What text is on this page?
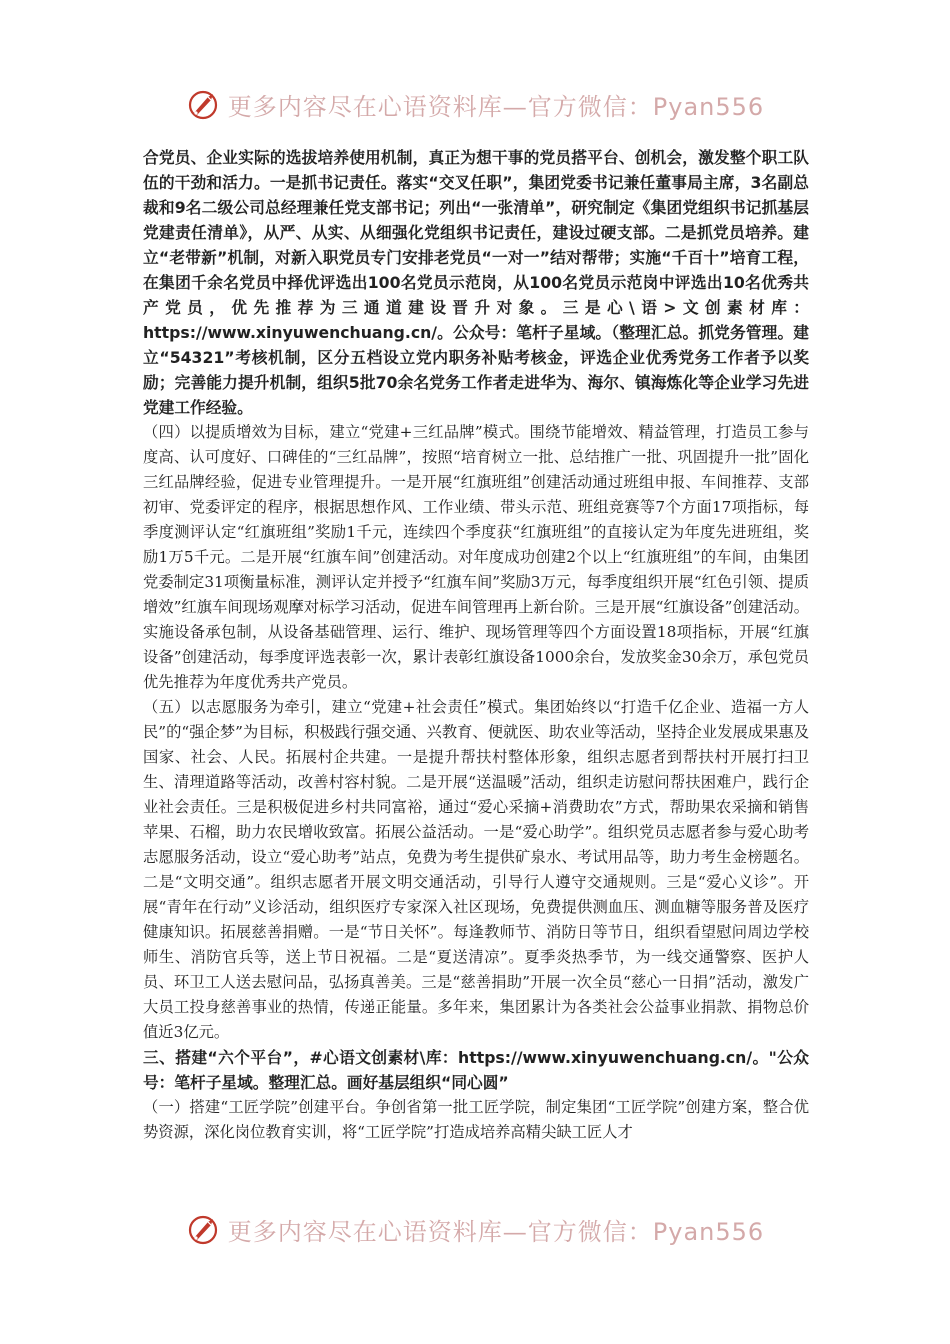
更多内容尽在心语资料库—官方微信：Pyan556

合党员、企业实际的选拔培养使用机制，真正为想干事的党员搭平台、创机会，激发整个职工队伍的干劲和活力。一是抓书记责任。落实“交叉任职”，集团党委书记兼任董事局主席，3名副总裁和9名二级公司总经理兼任党支部书记；列出“一张清单”，研究制定《集团党组织书记抓基层党建责任清单》，从严、从实、从细强化党组织书记责任，建设过硬支部。二是抓党员培养。建立“老带新”机制，对新入职党员专门安排老党员“一对一”结对帮带；实施“千百十”培育工程，在集团千余名党员中择优评选出100名党员示范岗，从100名党员示范岗中评选出10名优秀共产党员，优先推荐为三通道建设晋升对象。三是心\语>文创素材库：https://www.xinyuwenchuang.cn/。公众号：笔杆子星域。（整理汇总。抓党务管理。建立“54321”考核机制，区分五档设立党内职务补贴考核金，评选企业优秀党务工作者予以奖励；完善能力提升机制，组织5批70余名党务工作者走进华为、海尔、镇海炼化等企业学习先进党建工作经验。

（四）以提质增效为目标，建立“党建+三红品牌”模式。围绕节能增效、精益管理，打造员工参与度高、认可度好、口碑佳的“三红品牌”，按照“培育树立一批、总结推广一批、巩固提升一批”固化三红品牌经验，促进专业管理提升。一是开展“红旗班组”创建活动通过班组申报、车间推荐、支部初审、党委评定的程序，根据思想作风、工作业绩、带头示范、班组竞赛等7个方面17项指标，每季度测评认定“红旗班组”奖励1千元，连续四个季度获“红旗班组”的直接认定为年度先进班组，奖励1万5千元。二是开展“红旗车间”创建活动。对年度成功创建2个以上“红旗班组”的车间，由集团党委制定31项衡量标准，测评认定并授予“红旗车间”奖励3万元，每季度组织开展“红色引领、提质增效”红旗车间现场观摩对标学习活动，促进车间管理再上新台阶。三是开展“红旗设备”创建活动。实施设备承包制，从设备基础管理、运行、维护、现场管理等四个方面设置18项指标，开展“红旗设备”创建活动，每季度评选表彰一次，累计表彰红旗设备1000余台，发放奖金30余万，承包党员优先推荐为年度优秀共产党员。

（五）以志愿服务为牵引，建立“党建+社会责任”模式。集团始终以“打造千亿企业、造福一方人民”的“强企梦”为目标，积极践行强交通、兴教育、便就医、助农业等活动，坚持企业发展成果惠及国家、社会、人民。拓展村企共建。一是提升帮扶村整体形象，组织志愿者到帮扶村开展打扫卫生、清理道路等活动，改善村容村貌。二是开展“送温暖”活动，组织走访慰问帮扶困难户，践行企业社会责任。三是积极促进乡村共同富裕，通过“爱心采摘+消费助农”方式，帮助果农采摘和销售苹果、石榴，助力农民增收致富。拓展公益活动。一是“爱心助学”。组织党员志愿者参与爱心助考志愿服务活动，设立“爱心助考”站点，免费为考生提供矿泉水、考试用品等，助力考生金榜题名。二是“文明交通”。组织志愿者开展文明交通活动，引导行人遵守交通规则。三是“爱心义诊”。开展“青年在行动”义诊活动，组织医疗专家深入社区现场，免费提供测血压、测血糖等服务普及医疗健康知识。拓展慈善捐赠。一是“节日关怀”。每逢教师节、消防日等节日，组织看望慰问周边学校师生、消防官兵等，送上节日祝福。二是“夏送清凉”。夏季炎热季节，为一线交通警察、医护人员、环卫工人送去慰问品，弘扬真善美。三是“慈善捐助”开展一次全员“慈心一日捐”活动，激发广大员工投身慈善事业的热情，传递正能量。多年来，集团累计为各类社会公益事业捐款、捐物总价值近3亿元。

三、搭建“六个平台”，#心语文创素材\库：https://www.xinyuwenchuang.cn/。"公众号：笔杆子星域。整理汇总。画好基层组织“同心圆”

（一）搭建“工匠学院”创建平台。争创省第一批工匠学院，制定集团“工匠学院”创建方案，整合优势资源，深化岗位教育实训，将“工匠学院”打造成培养高精尖缺工匠人才

更多内容尽在心语资料库—官方微信：Pyan556
